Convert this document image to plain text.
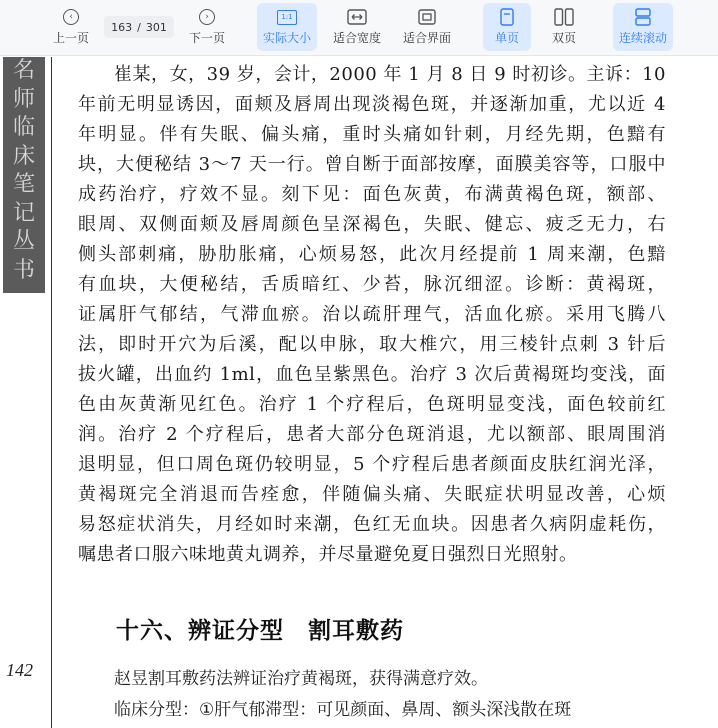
‹
上一页
163 / 301
›
下一页
1:1
实际大小 适合宽度 适合界面	单页	双页	连续滚动
名
师
临
床
笔
记
丛
书
142
崔某，女，39 岁，会计，2000 年 1 月 8 日 9 时初诊。主诉：10
年前无明显诱因，面颊及唇周出现淡褐色斑，并逐渐加重，尤以近 4
年明显。伴有失眠、偏头痛，重时头痛如针刺，月经先期，色黯有
块，大便秘结 3～7 天一行。曾自断于面部按摩，面膜美容等，口服中
成药治疗，疗效不显。刻下见：面色灰黄，布满黄褐色斑，额部、
眼周、双侧面颊及唇周颜色呈深褐色，失眠、健忘、疲乏无力，右
侧头部刺痛，胁肋胀痛，心烦易怒，此次月经提前 1 周来潮，色黯
有血块，大便秘结，舌质暗红、少苔，脉沉细涩。诊断：黄褐斑，
证属肝气郁结，气滞血瘀。治以疏肝理气，活血化瘀。采用飞腾八
法，即时开穴为后溪，配以申脉，取大椎穴，用三棱针点刺 3 针后
拔火罐，出血约 1ml，血色呈紫黑色。治疗 3 次后黄褐斑均变浅，面
色由灰黄渐见红色。治疗 1 个疗程后，色斑明显变浅，面色较前红
润。治疗 2 个疗程后，患者大部分色斑消退，尤以额部、眼周围消
退明显，但口周色斑仍较明显，5 个疗程后患者颜面皮肤红润光泽，
黄褐斑完全消退而告痊愈，伴随偏头痛、失眠症状明显改善，心烦
易怒症状消失，月经如时来潮，色红无血块。因患者久病阴虚耗伤，
嘱患者口服六味地黄丸调养，并尽量避免夏日强烈日光照射。
十六、辨证分型　割耳敷药
赵昱割耳敷药法辨证治疗黄褐斑，获得满意疗效。
临床分型：①肝气郁滞型：可见颜面、鼻周、额头深浅散在斑
